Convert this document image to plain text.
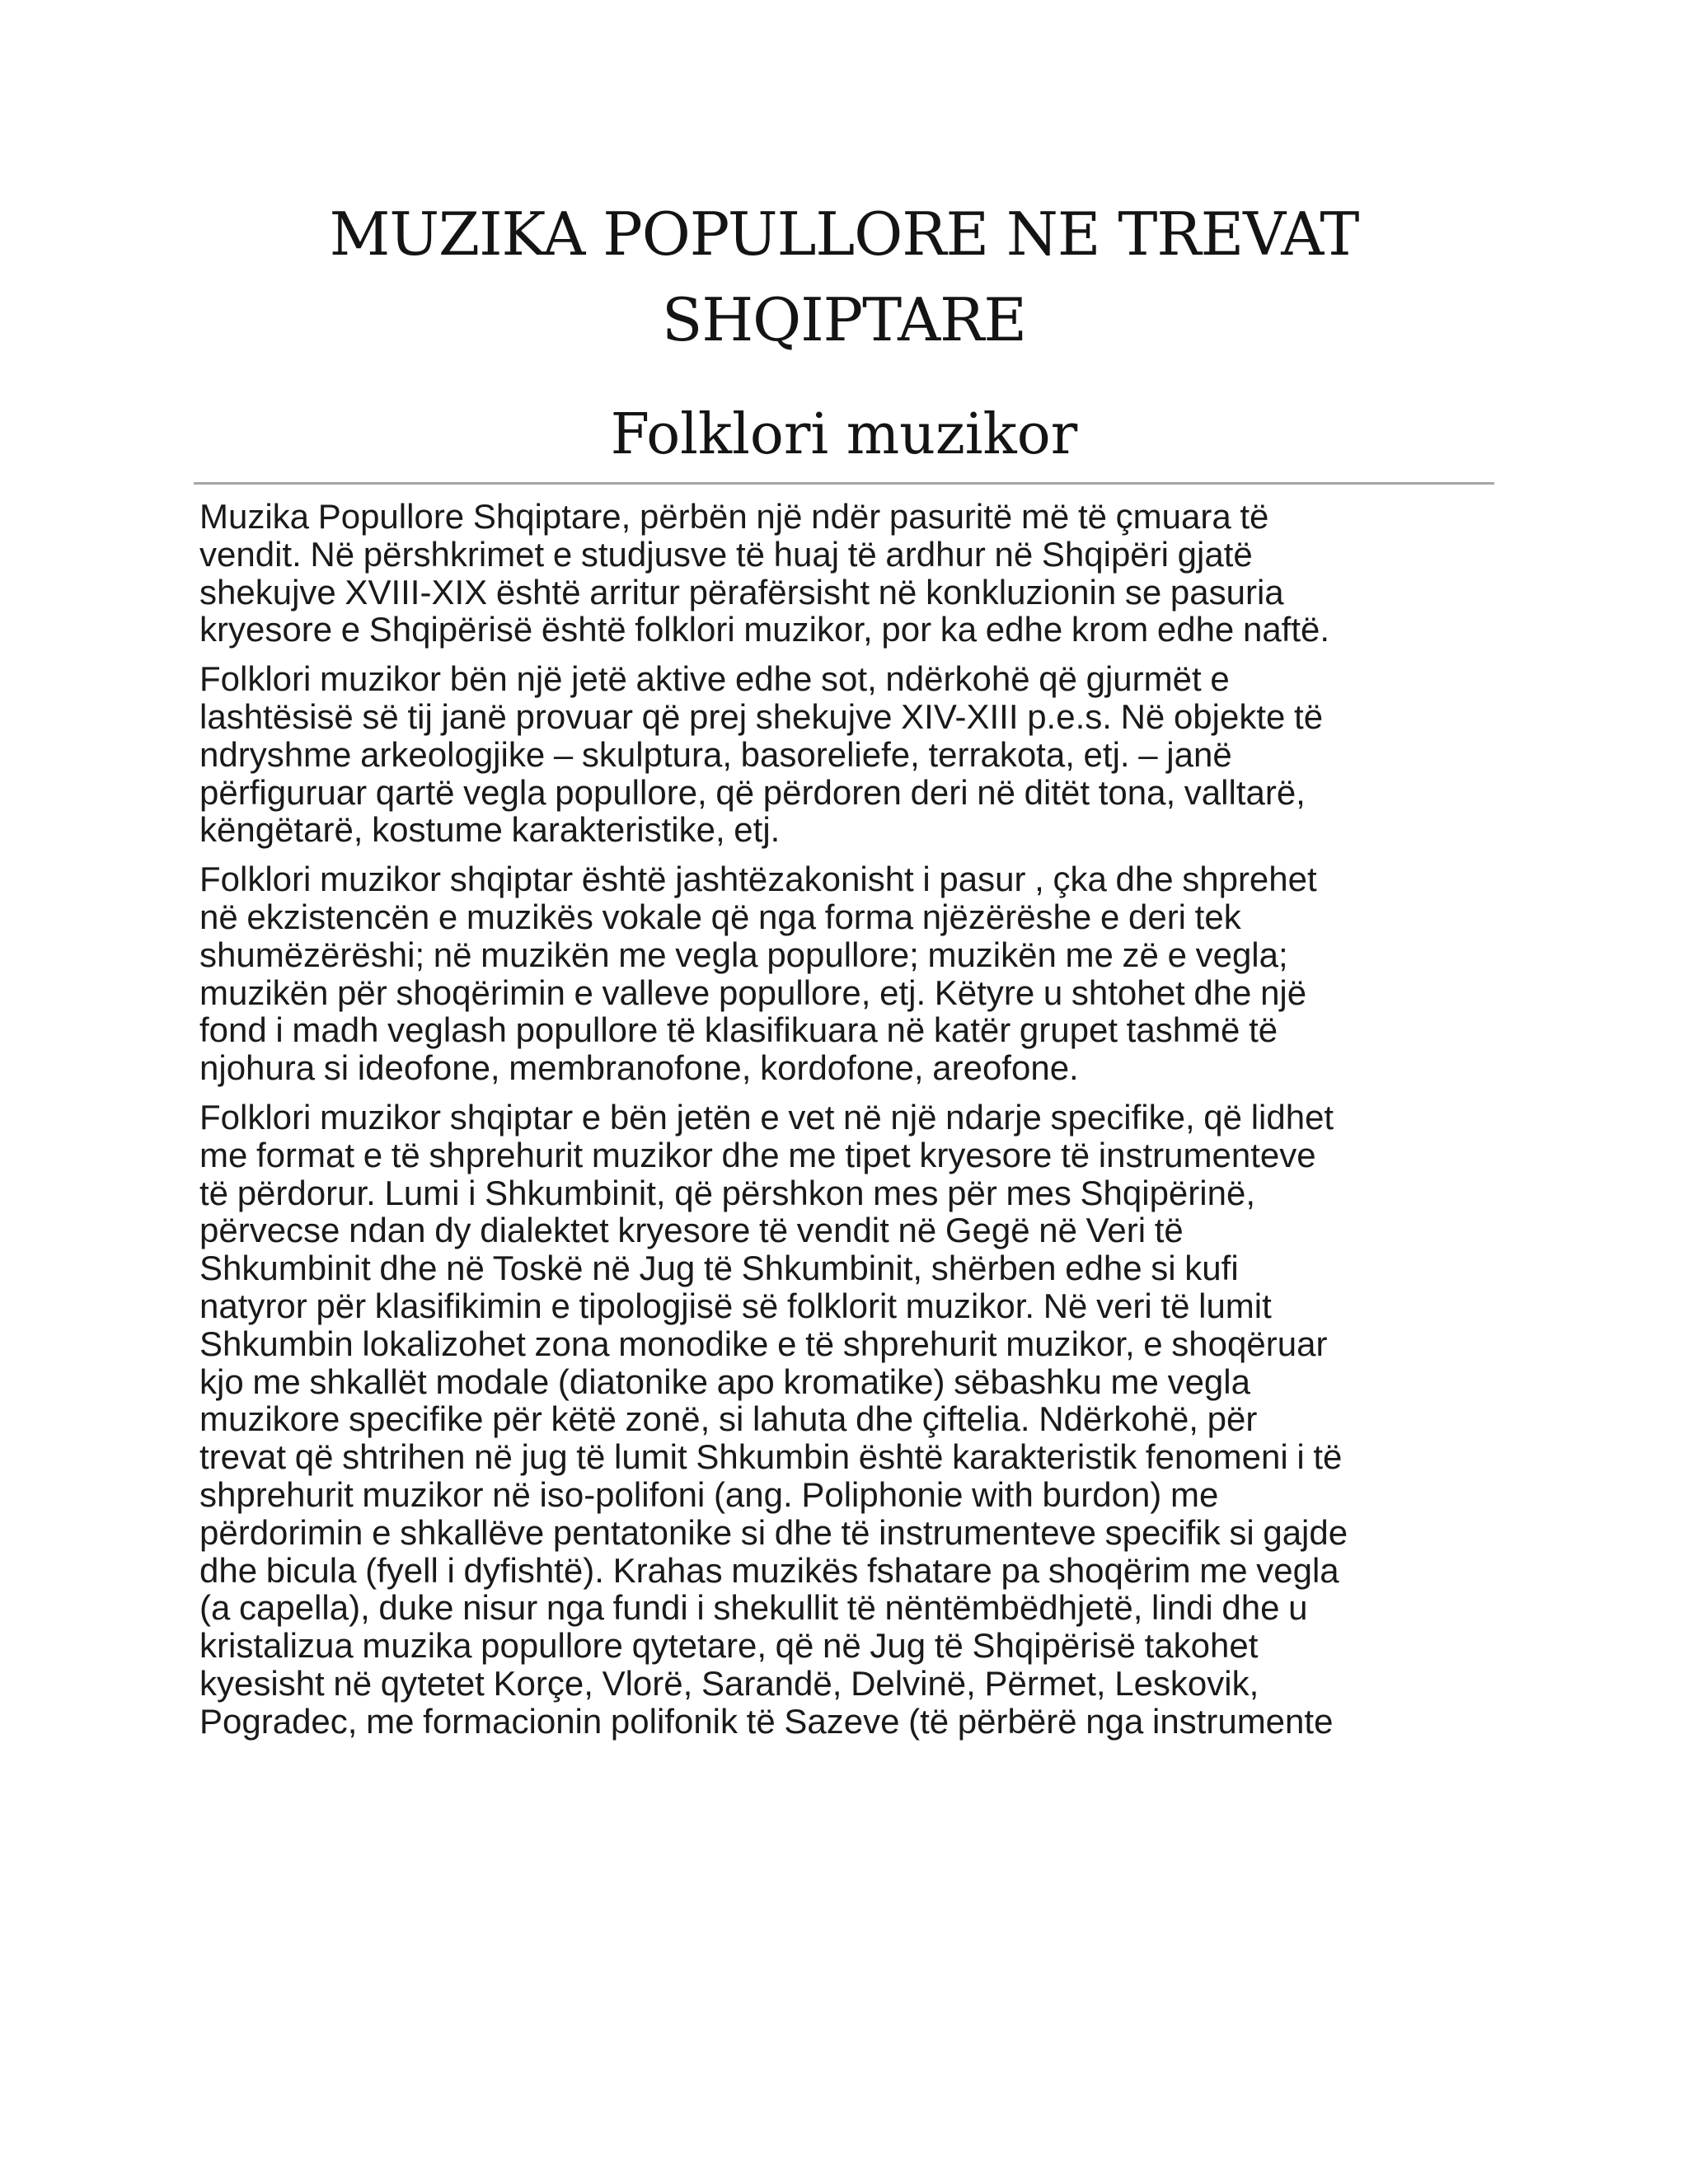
MUZIKA POPULLORE NE TREVAT
SHQIPTARE
Folklori muzikor

Muzika Popullore Shqiptare, përbën një ndër pasuritë më të çmuara të
vendit. Në përshkrimet e studjusve të huaj të ardhur në Shqipëri gjatë
shekujve XVIII-XIX është arritur përafërsisht në konkluzionin se pasuria
kryesore e Shqipërisë është folklori muzikor, por ka edhe krom edhe naftë.

Folklori muzikor bën një jetë aktive edhe sot, ndërkohë që gjurmët e
lashtësisë së tij janë provuar që prej shekujve XIV-XIII p.e.s. Në objekte të
ndryshme arkeologjike – skulptura, basoreliefe, terrakota, etj. – janë
përfiguruar qartë vegla popullore, që përdoren deri në ditët tona, valltarë,
këngëtarë, kostume karakteristike, etj.

Folklori muzikor shqiptar është jashtëzakonisht i pasur , çka dhe shprehet
në ekzistencën e muzikës vokale që nga forma njëzërëshe e deri tek
shumëzërëshi; në muzikën me vegla popullore; muzikën me zë e vegla;
muzikën për shoqërimin e valleve popullore, etj. Këtyre u shtohet dhe një
fond i madh veglash popullore të klasifikuara në katër grupet tashmë të
njohura si ideofone, membranofone, kordofone, areofone.

Folklori muzikor shqiptar e bën jetën e vet në një ndarje specifike, që lidhet
me format e të shprehurit muzikor dhe me tipet kryesore të instrumenteve
të përdorur. Lumi i Shkumbinit, që përshkon mes për mes Shqipërinë,
përvecse ndan dy dialektet kryesore të vendit në Gegë në Veri të
Shkumbinit dhe në Toskë në Jug të Shkumbinit, shërben edhe si kufi
natyror për klasifikimin e tipologjisë së folklorit muzikor. Në veri të lumit
Shkumbin lokalizohet zona monodike e të shprehurit muzikor, e shoqëruar
kjo me shkallët modale (diatonike apo kromatike) sëbashku me vegla
muzikore specifike për këtë zonë, si lahuta dhe çiftelia. Ndërkohë, për
trevat që shtrihen në jug të lumit Shkumbin është karakteristik fenomeni i të
shprehurit muzikor në iso-polifoni (ang. Poliphonie with burdon) me
përdorimin e shkallëve pentatonike si dhe të instrumenteve specifik si gajde
dhe bicula (fyell i dyfishtë). Krahas muzikës fshatare pa shoqërim me vegla
(a capella), duke nisur nga fundi i shekullit të nëntëmbëdhjetë, lindi dhe u
kristalizua muzika popullore qytetare, që në Jug të Shqipërisë takohet
kyesisht në qytetet Korçe, Vlorë, Sarandë, Delvinë, Përmet, Leskovik,
Pogradec, me formacionin polifonik të Sazeve (të përbërë nga instrumente
